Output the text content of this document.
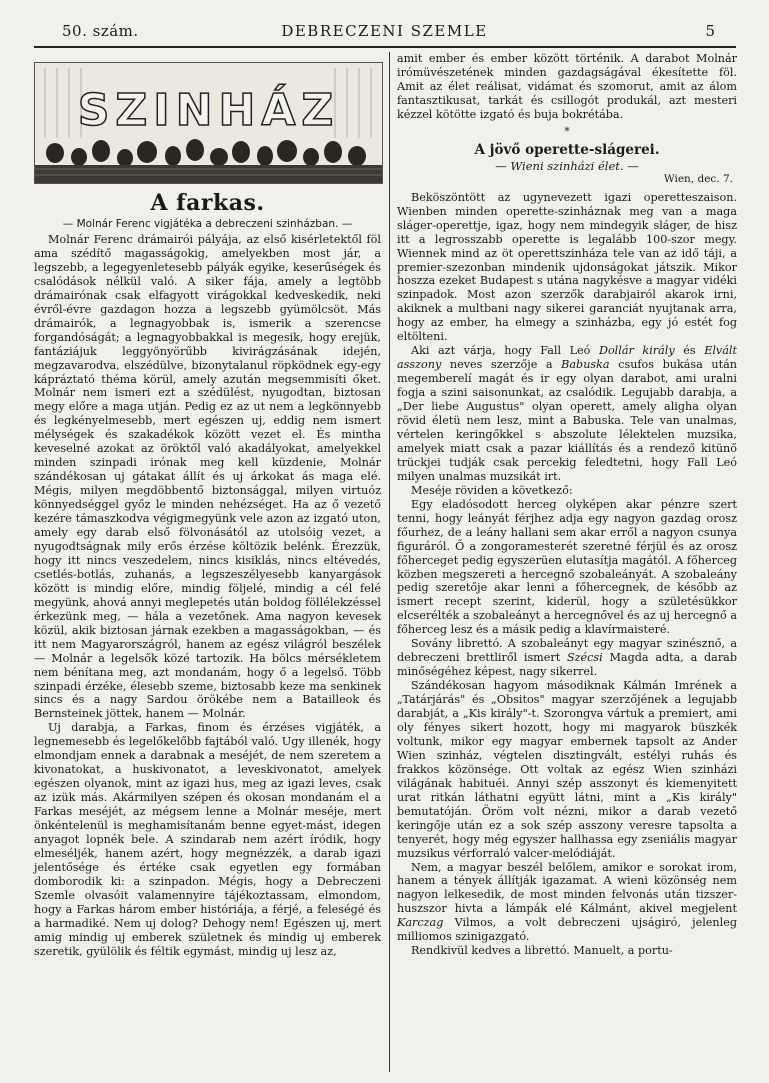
50. szám.	DEBRECZENI SZEMLE	5
SZINHÁZ
A farkas.
— Molnár Ferenc vigjátéka a debreczeni szinházban. —

Molnár Ferenc drámairói pályája, az első kisérletektől föl ama szédítő magasságokig, amelyekben most jár, a legszebb, a legegyenletesebb pályák egyike, keserűségek és csalódások nélkül való. A siker fája, amely a legtöbb drámairónak csak elfagyott virágokkal kedveskedik, neki évről-évre gazdagon hozza a legszebb gyümölcsöt. Más drámairók, a legnagyobbak is, ismerik a szerencse forgandóságát; a legnagyobbakkal is megesik, hogy erejük, fantáziájuk leggyönyörűbb kivirágzásának idején, megzavarodva, elszédülve, bizonytalanul röpködnek egy-egy kápráztató théma körül, amely azután megsemmisíti őket. Molnár nem ismeri ezt a szédülést, nyugodtan, biztosan megy előre a maga utján. Pedig ez az ut nem a legkönnyebb és legkényelmesebb, mert egészen uj, eddig nem ismert mélységek és szakadékok között vezet el. És mintha keveselné azokat az öröktől való akadályokat, amelyekkel minden szinpadi irónak meg kell küzdenie, Molnár szándékosan uj gátakat állít és uj árkokat ás maga elé. Mégis, milyen megdöbbentő biztonsággal, milyen virtuóz könnyedséggel győz le minden nehézséget. Ha az ő vezető kezére támaszkodva végigmegyünk vele azon az izgató uton, amely egy darab első fölvonásától az utolsóig vezet, a nyugodtságnak mily erős érzése költözik belénk. Érezzük, hogy itt nincs veszedelem, nincs kisiklás, nincs eltévedés, csetlés-botlás, zuhanás, a legszeszélyesebb kanyargások között is mindig előre, mindig följelé, mindig a cél felé megyünk, ahová annyi meglepetés után boldog föllélekzéssel érkezünk meg, — hála a vezetőnek. Ama nagyon kevesek közül, akik biztosan járnak ezekben a magasságokban, — és itt nem Magyarországról, hanem az egész világról beszélek — Molnár a legelsők közé tartozik. Ha bölcs mérsékletem nem bénítana meg, azt mondanám, hogy ő a legelső. Több szinpadi érzéke, élesebb szeme, biztosabb keze ma senkinek sincs és a nagy Sardou örökébe nem a Batailleok és Bernsteinek jöttek, hanem — Molnár.

Uj darabja, a Farkas, finom és érzéses vigjáték, a legnemesebb és legelőkelőbb fajtából való. Ugy illenék, hogy elmondjam ennek a darabnak a meséjét, de nem szeretem a kivonatokat, a huskivonatot, a leveskivonatot, amelyek egészen olyanok, mint az igazi hus, meg az igazi leves, csak az izük más. Akármilyen szépen és okosan mondanám el a Farkas meséjét, az mégsem lenne a Molnár meséje, mert önkéntelenül is meghamisítanám benne egyet-mást, idegen anyagot lopnék bele. A szindarab nem azért íródik, hogy elmeséljék, hanem azért, hogy megnézzék, a darab igazi jelentősége és értéke csak egyetlen egy formában domborodik ki: a szinpadon. Mégis, hogy a Debreczeni Szemle olvasóit valamennyire tájékoztassam, elmondom, hogy a Farkas három ember históriája, a férjé, a feleségé és a harmadiké. Nem uj dolog? Dehogy nem! Egészen uj, mert amig mindig uj emberek születnek és mindig uj emberek szeretik, gyülölik és féltik egymást, mindig uj lesz az,

amit ember és ember között történik. A darabot Molnár irómüvészetének minden gazdagságával ékesítette föl. Amit az élet reálisat, vidámat és szomorut, amit az álom fantasztikusat, tarkát és csillogót produkál, azt mesteri kézzel kötötte izgató és buja bokrétába.

*
A jövő operette-slágerei.
— Wieni szinházi élet. —
Wien, dec. 7.

Beköszöntött az ugynevezett igazi operetteszaison. Wienben minden operette-szinháznak meg van a maga sláger-operettje, igaz, hogy nem mindegyik sláger, de hisz itt a legrosszabb operette is legalább 100-szor megy. Wiennek mind az öt operettszinháza tele van az idő táji, a premier-szezonban mindenik ujdonságokat játszik. Mikor hoszza ezeket Budapest s utána nagykésve a magyar vidéki szinpadok. Most azon szerzők darabjairól akarok irni, akiknek a multbani nagy sikerei garanciát nyujtanak arra, hogy az ember, ha elmegy a szinházba, egy jó estét fog eltölteni.

Aki azt várja, hogy Fall Leó Dollár király és Elvált asszony neves szerzője a Babuska csufos bukása után megemberelí magát és ir egy olyan darabot, ami uralni fogja a szini saisonunkat, az csalódik. Legujabb darabja, a „Der liebe Augustus" olyan operett, amely aligha olyan rövid életü nem lesz, mint a Babuska. Tele van unalmas, vértelen keringőkkel s abszolute lélektelen muzsika, amelyek miatt csak a pazar kiállítás és a rendező kitünő trückjei tudják csak percekig feledtetni, hogy Fall Leó milyen unalmas muzsikát irt.

Meséje röviden a következő:

Egy eladósodott herceg olyképen akar pénzre szert tenni, hogy leányát férjhez adja egy nagyon gazdag orosz főurhez, de a leány hallani sem akar erről a nagyon csunya figuráról. Ő a zongoramesterét szeretné férjül és az orosz főherceget pedig egyszerüen elutasítja magától. A főherceg közben megszereti a hercegnő szobaleányát. A szobaleány pedig szeretője akar lenni a főhercegnek, de később az ismert recept szerint, kiderül, hogy a születésükkor elcserélték a szobaleányt a hercegnővel és az uj hercegnő a főherceg lesz és a másik pedig a klavírmaisteré.

Sovány librettó. A szobaleányt egy magyar szinésznő, a debreczeni brettliről ismert Szécsi Magda adta, a darab minőségéhez képest, nagy sikerrel.

Szándékosan hagyom másodiknak Kálmán Imrének a „Tatárjárás" és „Obsitos" magyar szerzőjének a legujabb darabját, a „Kis király"-t. Szorongva vártuk a premiert, ami oly fényes sikert hozott, hogy mi magyarok büszkék voltunk, mikor egy magyar embernek tapsolt az Ander Wien szinház, végtelen disztingvált, estélyi ruhás és frakkos közönsége. Ott voltak az egész Wien szinházi világának habituéi. Annyi szép asszonyt és kiemenyitett urat ritkán láthatni együtt látni, mint a „Kis király" bemutatóján. Öröm volt nézni, mikor a darab vezető keringője után ez a sok szép asszony veresre tapsolta a tenyerét, hogy még egyszer hallhassa egy zseniális magyar muzsikus vérforraló valcer-melódiáját.

Nem, a magyar beszél belőlem, amikor e sorokat irom, hanem a tények állítják igazamat. A wieni közönség nem nagyon lelkesedik, de most minden felvonás után tizszer-huszszor hivta a lámpák elé Kálmánt, akivel megjelent Karczag Vilmos, a volt debreczeni ujságiró, jelenleg milliomos szinigazgató.

Rendkivül kedves a librettó. Manuelt, a portu-
